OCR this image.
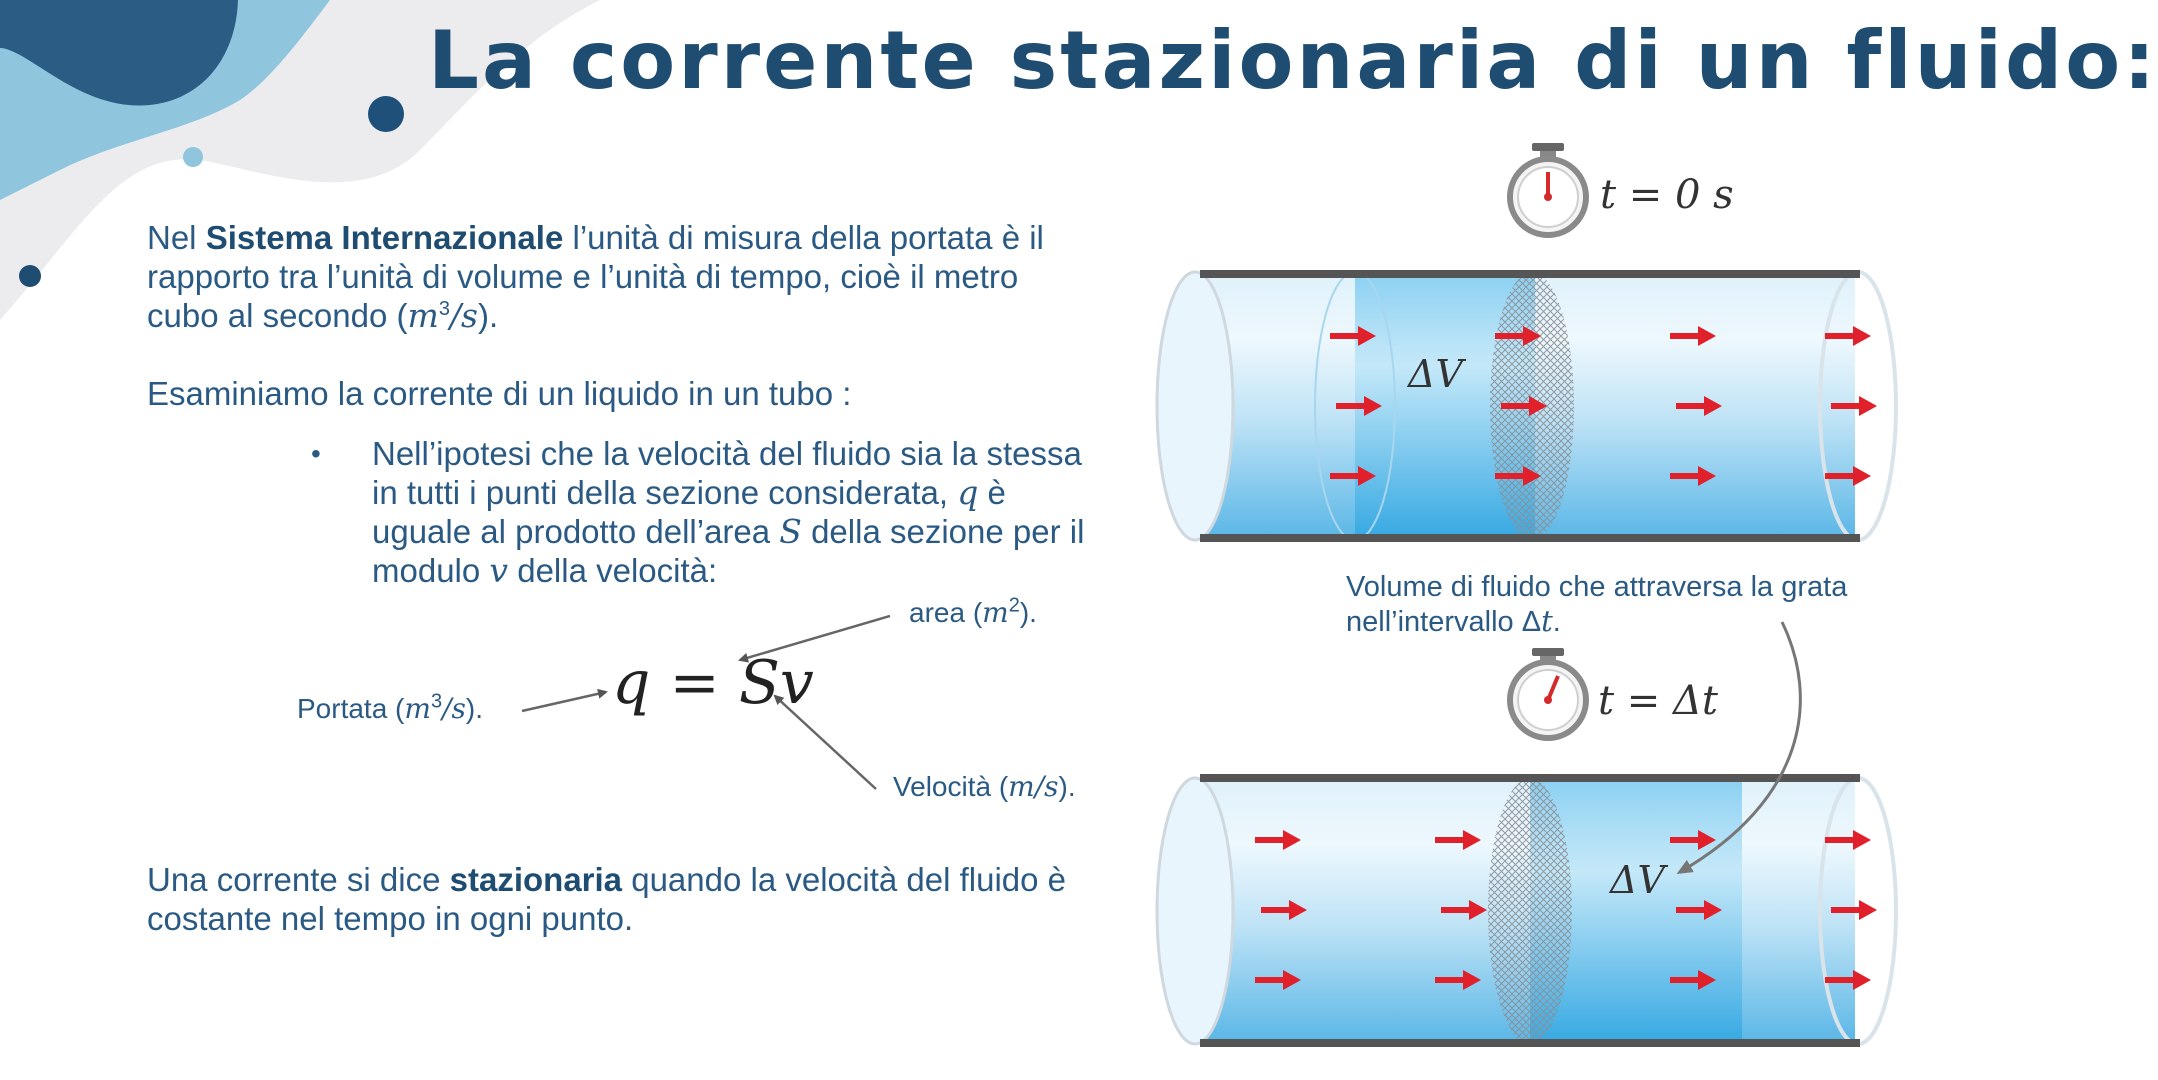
La corrente stazionaria di un fluido:
Nel Sistema Internazionale l’unità di misura della portata è il rapporto tra l’unità di volume e l’unità di tempo, cioè il metro cubo al secondo $(m^3/s)$.
Esaminiamo la corrente di un liquido in un tubo :
• Nell’ipotesi che la velocità del fluido sia la stessa in tutti i punti della sezione considerata, q è uguale al prodotto dell’area S della sezione per il modulo v della velocità:
q = Sv
area $(m^2)$.
Portata $(m^3/s)$.
Velocità (m/s).
Una corrente si dice stazionaria quando la velocità del fluido è costante nel tempo in ogni punto.
t = 0 s
t = Δt
ΔV
ΔV
Volume di fluido che attraversa la grata nell’intervallo Δt.
